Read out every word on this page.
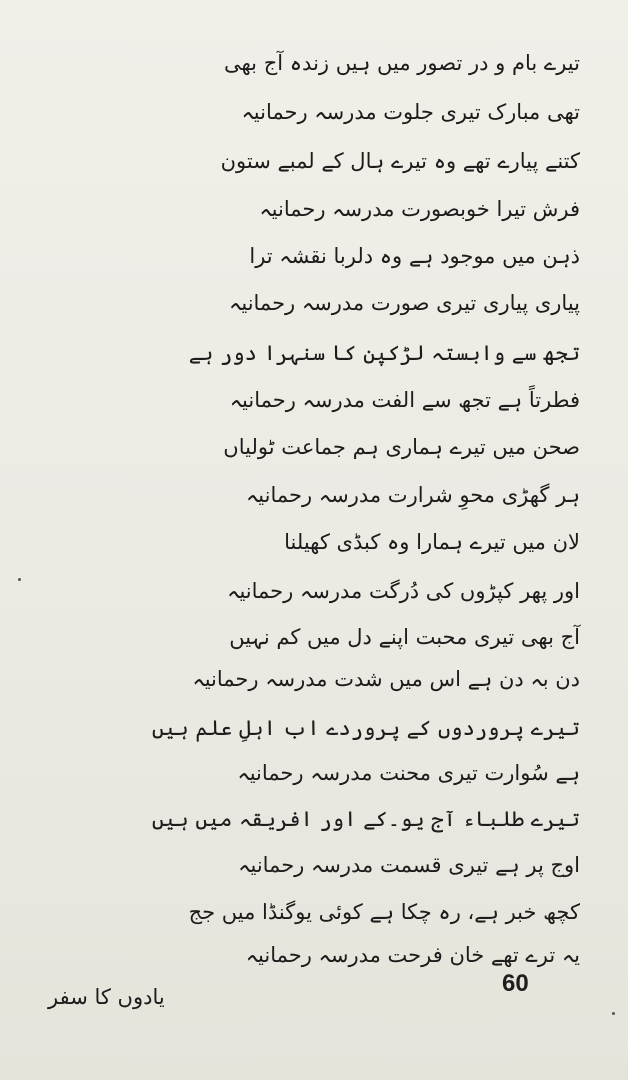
تیرے بام و در تصور میں ہیں زندہ آج بھی
تھی مبارک تیری جلوت مدرسہ رحمانیہ
کتنے پیارے تھے وہ تیرے ہال کے لمبے ستون
فرش تیرا خوبصورت مدرسہ رحمانیہ
ذہن میں موجود ہے وہ دلربا نقشہ ترا
پیاری پیاری تیری صورت مدرسہ رحمانیہ
تجھ سے وابستہ لڑکپن کا سنہرا دور ہے
فطرتاً ہے تجھ سے الفت مدرسہ رحمانیہ
صحن میں تیرے ہماری ہم جماعت ٹولیاں
ہر گھڑی محوِ شرارت مدرسہ رحمانیہ
لان میں تیرے ہمارا وہ کبڈی کھیلنا
اور پھر کپڑوں کی دُرگت مدرسہ رحمانیہ
آج بھی تیری محبت اپنے دل میں کم نہیں
دن بہ دن ہے اس میں شدت مدرسہ رحمانیہ
تیرے پروردوں کے پروردے اب اہلِ علم ہیں
ہے سُوارت تیری محنت مدرسہ رحمانیہ
تیرے طلباء آج یو۔کے اور افریقہ میں ہیں
اوج پر ہے تیری قسمت مدرسہ رحمانیہ
کچھ خبر ہے، رہ چکا ہے کوئی یوگنڈا میں جج
یہ ترے تھے خان فرحت مدرسہ رحمانیہ
60
یادوں کا سفر
